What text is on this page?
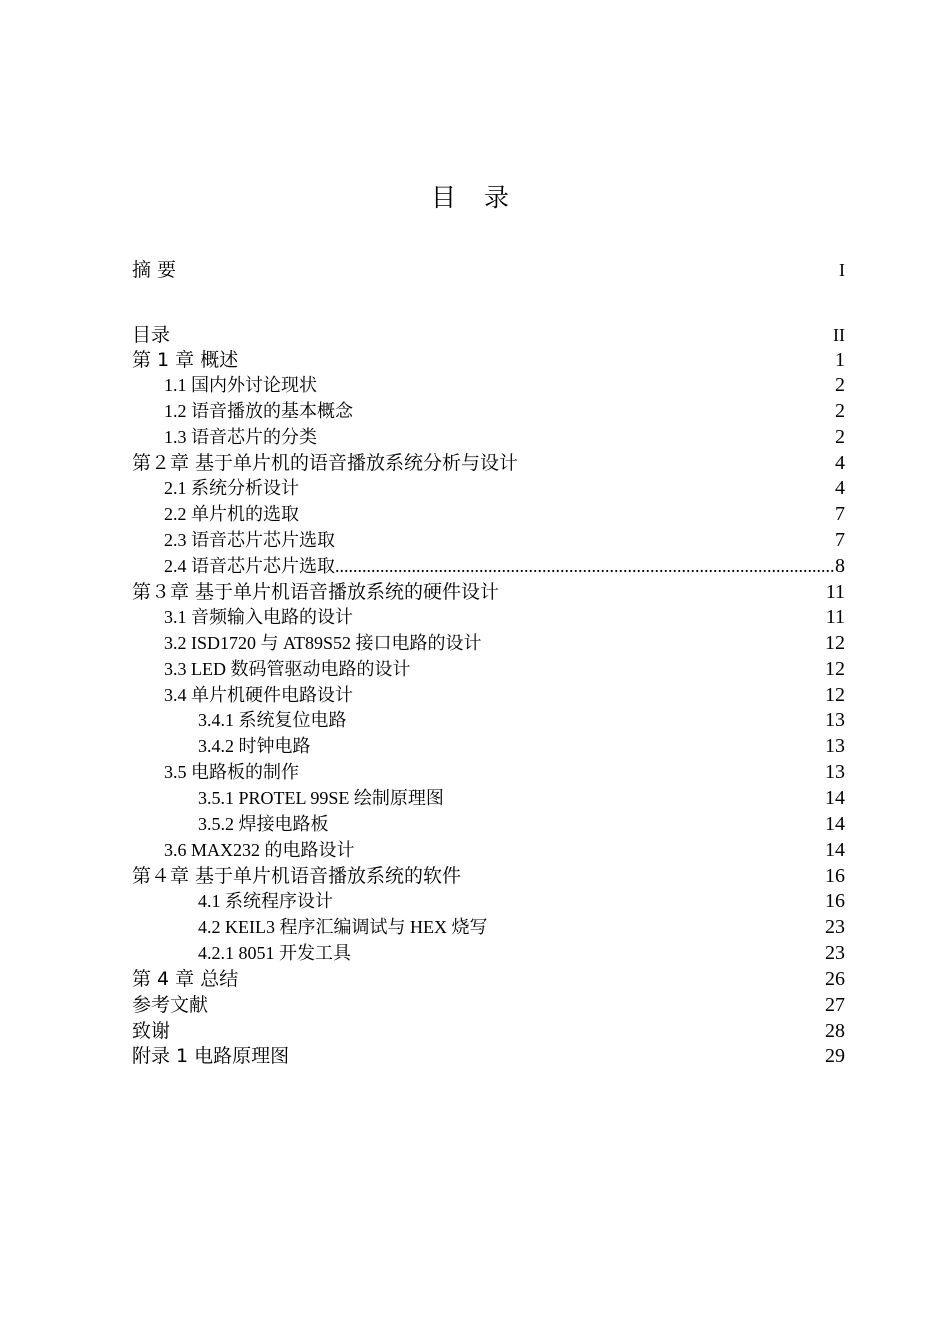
目 录
摘 要	I
目录	II
第 1 章 概述	1
1.1 国内外讨论现状	2
1.2 语音播放的基本概念	2
1.3 语音芯片的分类	2
第２章 基于单片机的语音播放系统分析与设计	4
2.1 系统分析设计	4
2.2 单片机的选取	7
2.3 语音芯片芯片选取	7
2.4 语音芯片芯片选取 .....	8
第３章 基于单片机语音播放系统的硬件设计	11
3.1 音频输入电路的设计	11
3.2 ISD1720 与 AT89S52 接口电路的设计	12
3.3 LED 数码管驱动电路的设计	12
3.4 单片机硬件电路设计	12
3.4.1 系统复位电路	13
3.4.2 时钟电路	13
3.5 电路板的制作	13
3.5.1 PROTEL 99SE 绘制原理图	14
3.5.2 焊接电路板	14
3.6 MAX232 的电路设计	14
第４章 基于单片机语音播放系统的软件	16
4.1 系统程序设计	16
4.2 KEIL3 程序汇编调试与 HEX 烧写	23
4.2.1 8051 开发工具	23
第 4 章 总结	26
参考文献	27
致谢	28
附录 1 电路原理图	29
